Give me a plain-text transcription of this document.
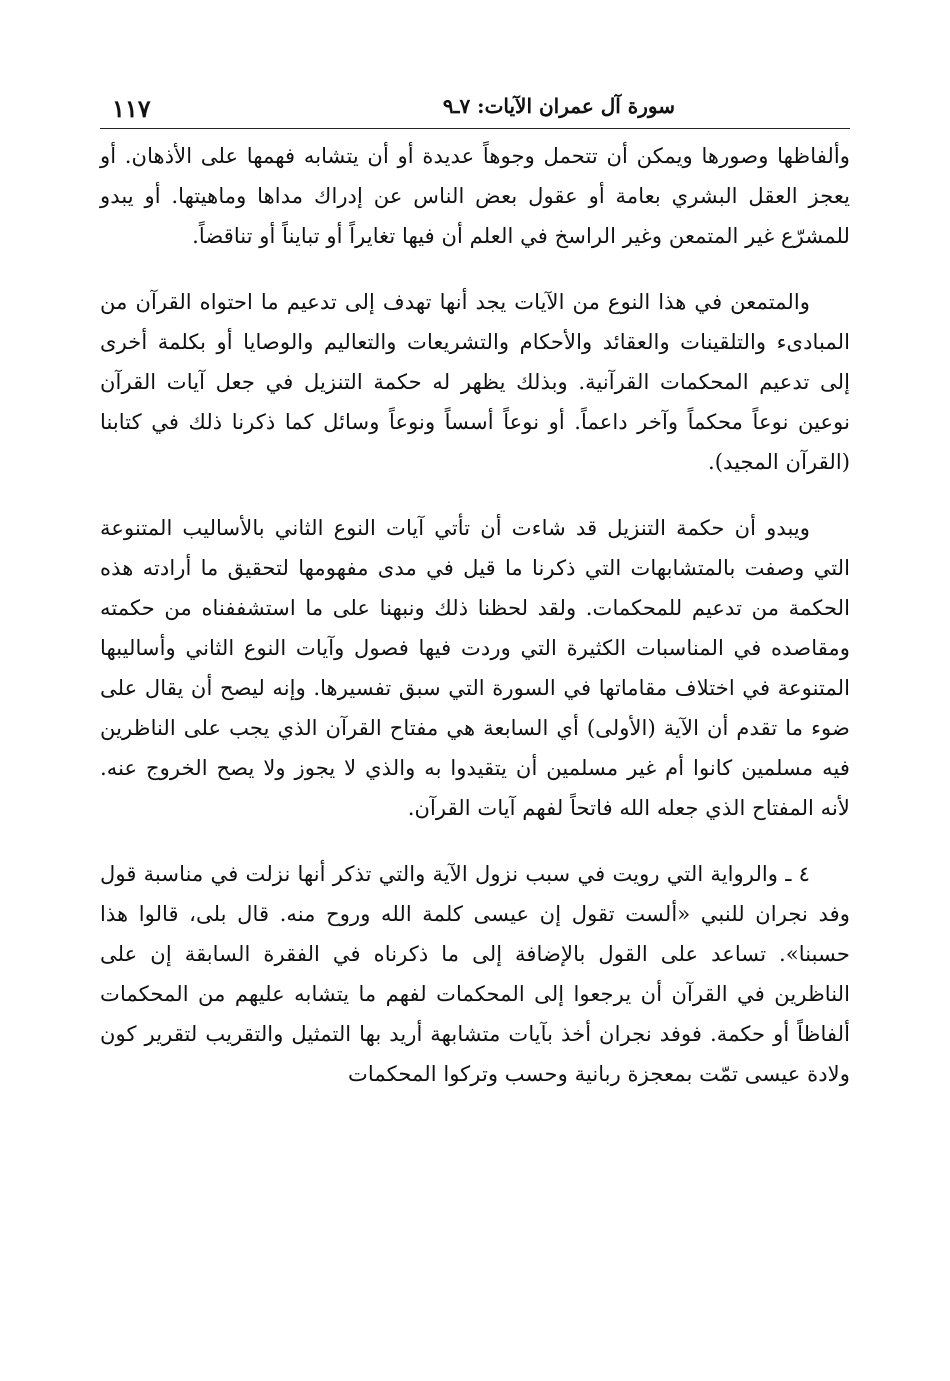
سورة آل عمران الآيات: ٧ـ٩
١١٧

وألفاظها وصورها ويمكن أن تتحمل وجوهاً عديدة أو أن يتشابه فهمها على الأذهان. أو يعجز العقل البشري بعامة أو عقول بعض الناس عن إدراك مداها وماهيتها. أو يبدو للمشرّع غير المتمعن وغير الراسخ في العلم أن فيها تغايراً أو تبايناً أو تناقضاً.

والمتمعن في هذا النوع من الآيات يجد أنها تهدف إلى تدعيم ما احتواه القرآن من المبادىء والتلقينات والعقائد والأحكام والتشريعات والتعاليم والوصايا أو بكلمة أخرى إلى تدعيم المحكمات القرآنية. وبذلك يظهر له حكمة التنزيل في جعل آيات القرآن نوعين نوعاً محكماً وآخر داعماً. أو نوعاً أسساً ونوعاً وسائل كما ذكرنا ذلك في كتابنا (القرآن المجيد).

ويبدو أن حكمة التنزيل قد شاءت أن تأتي آيات النوع الثاني بالأساليب المتنوعة التي وصفت بالمتشابهات التي ذكرنا ما قيل في مدى مفهومها لتحقيق ما أرادته هذه الحكمة من تدعيم للمحكمات. ولقد لحظنا ذلك ونبهنا على ما استشففناه من حكمته ومقاصده في المناسبات الكثيرة التي وردت فيها فصول وآيات النوع الثاني وأساليبها المتنوعة في اختلاف مقاماتها في السورة التي سبق تفسيرها. وإنه ليصح أن يقال على ضوء ما تقدم أن الآية (الأولى) أي السابعة هي مفتاح القرآن الذي يجب على الناظرين فيه مسلمين كانوا أم غير مسلمين أن يتقيدوا به والذي لا يجوز ولا يصح الخروج عنه. لأنه المفتاح الذي جعله الله فاتحاً لفهم آيات القرآن.

٤ ـ والرواية التي رويت في سبب نزول الآية والتي تذكر أنها نزلت في مناسبة قول وفد نجران للنبي «ألست تقول إن عيسى كلمة الله وروح منه. قال بلى، قالوا هذا حسبنا». تساعد على القول بالإضافة إلى ما ذكرناه في الفقرة السابقة إن على الناظرين في القرآن أن يرجعوا إلى المحكمات لفهم ما يتشابه عليهم من المحكمات ألفاظاً أو حكمة. فوفد نجران أخذ بآيات متشابهة أريد بها التمثيل والتقريب لتقرير كون ولادة عيسى تمّت بمعجزة ربانية وحسب وتركوا المحكمات
